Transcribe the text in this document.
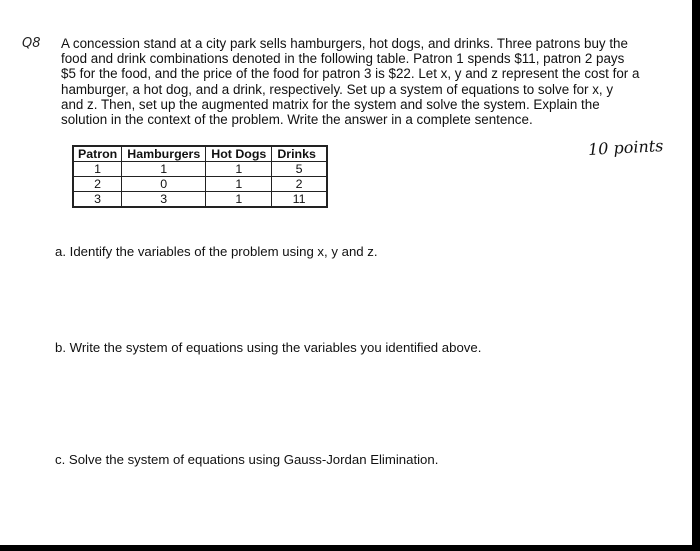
Q8 A concession stand at a city park sells hamburgers, hot dogs, and drinks. Three patrons buy the
food and drink combinations denoted in the following table. Patron 1 spends $11, patron 2 pays
$5 for the food, and the price of the food for patron 3 is $22. Let x, y and z represent the cost for a
hamburger, a hot dog, and a drink, respectively. Set up a system of equations to solve for x, y
and z. Then, set up the augmented matrix for the system and solve the system. Explain the
solution in the context of the problem. Write the answer in a complete sentence.

10 points
Patron	Hamburgers	Hot Dogs	Drinks
1	1	1	5
2	0	1	2
3	3	1	11

a. Identify the variables of the problem using x, y and z.

b. Write the system of equations using the variables you identified above.

c. Solve the system of equations using Gauss-Jordan Elimination.
